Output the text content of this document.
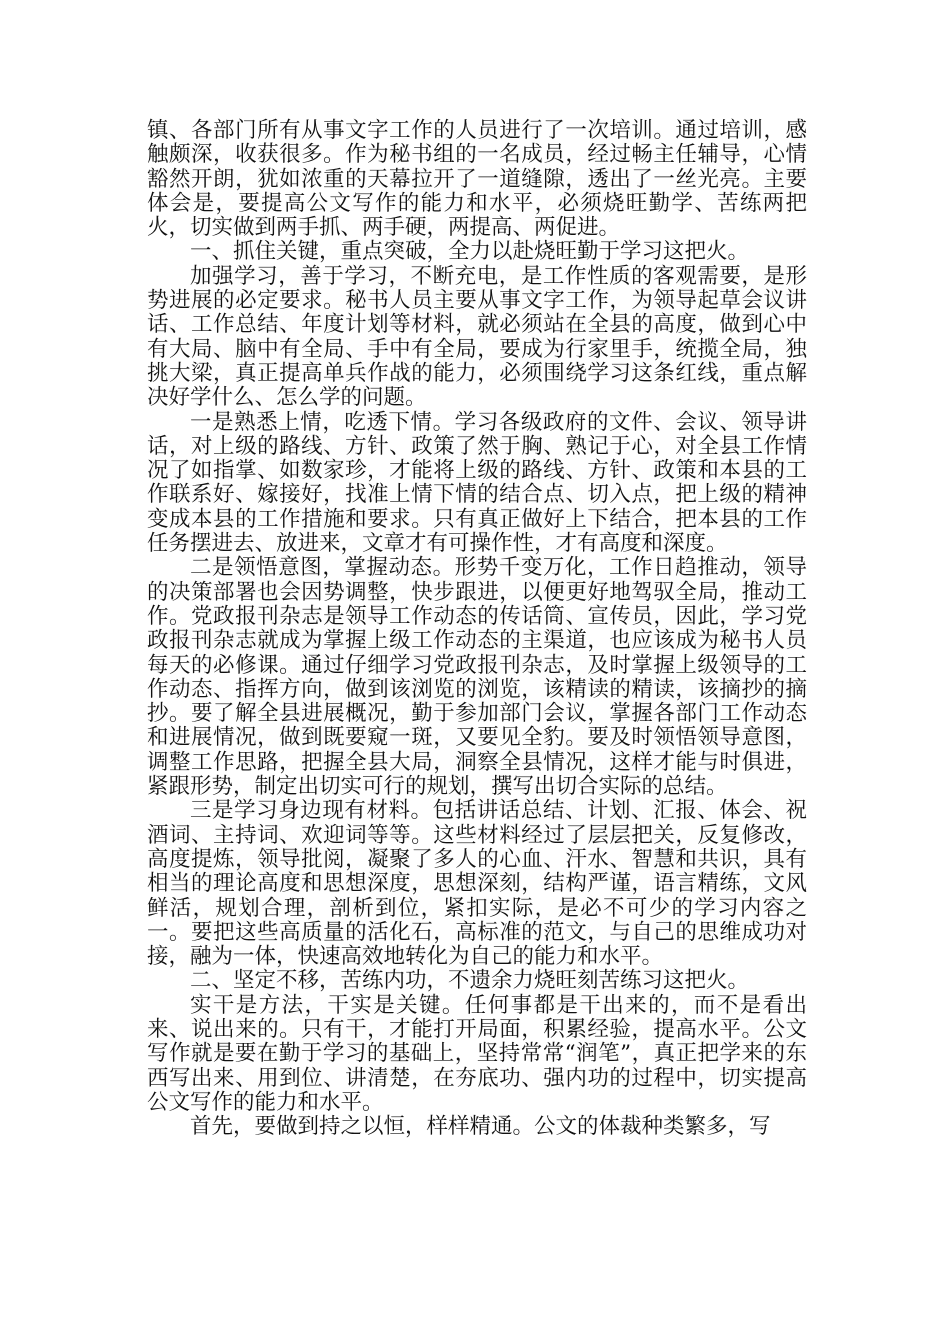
镇、各部门所有从事文字工作的人员进行了一次培训。通过培训，感触颇深，收获很多。作为秘书组的一名成员，经过畅主任辅导，心情豁然开朗，犹如浓重的天幕拉开了一道缝隙，透出了一丝光亮。主要体会是，要提高公文写作的能力和水平，必须烧旺勤学、苦练两把火，切实做到两手抓、两手硬，两提高、两促进。

一、抓住关键，重点突破，全力以赴烧旺勤于学习这把火。

加强学习，善于学习，不断充电，是工作性质的客观需要，是形势进展的必定要求。秘书人员主要从事文字工作，为领导起草会议讲话、工作总结、年度计划等材料，就必须站在全县的高度，做到心中有大局、脑中有全局、手中有全局，要成为行家里手，统揽全局，独挑大梁，真正提高单兵作战的能力，必须围绕学习这条红线，重点解决好学什么、怎么学的问题。

一是熟悉上情，吃透下情。学习各级政府的文件、会议、领导讲话，对上级的路线、方针、政策了然于胸、熟记于心，对全县工作情况了如指掌、如数家珍，才能将上级的路线、方针、政策和本县的工作联系好、嫁接好，找准上情下情的结合点、切入点，把上级的精神变成本县的工作措施和要求。只有真正做好上下结合，把本县的工作任务摆进去、放进来，文章才有可操作性，才有高度和深度。

二是领悟意图，掌握动态。形势千变万化，工作日趋推动，领导的决策部署也会因势调整，快步跟进，以便更好地驾驭全局，推动工作。党政报刊杂志是领导工作动态的传话筒、宣传员，因此，学习党政报刊杂志就成为掌握上级工作动态的主渠道，也应该成为秘书人员每天的必修课。通过仔细学习党政报刊杂志，及时掌握上级领导的工作动态、指挥方向，做到该浏览的浏览，该精读的精读，该摘抄的摘抄。要了解全县进展概况，勤于参加部门会议，掌握各部门工作动态和进展情况，做到既要窥一斑，又要见全豹。要及时领悟领导意图，调整工作思路，把握全县大局，洞察全县情况，这样才能与时俱进，紧跟形势，制定出切实可行的规划，撰写出切合实际的总结。

三是学习身边现有材料。包括讲话总结、计划、汇报、体会、祝酒词、主持词、欢迎词等等。这些材料经过了层层把关，反复修改，高度提炼，领导批阅，凝聚了多人的心血、汗水、智慧和共识，具有相当的理论高度和思想深度，思想深刻，结构严谨，语言精练，文风鲜活，规划合理，剖析到位，紧扣实际，是必不可少的学习内容之一。要把这些高质量的活化石，高标准的范文，与自己的思维成功对接，融为一体，快速高效地转化为自己的能力和水平。

二、坚定不移，苦练内功，不遗余力烧旺刻苦练习这把火。

实干是方法，干实是关键。任何事都是干出来的，而不是看出来、说出来的。只有干，才能打开局面，积累经验，提高水平。公文写作就是要在勤于学习的基础上，坚持常常“润笔”，真正把学来的东西写出来、用到位、讲清楚，在夯底功、强内功的过程中，切实提高公文写作的能力和水平。

首先，要做到持之以恒，样样精通。公文的体裁种类繁多，写
